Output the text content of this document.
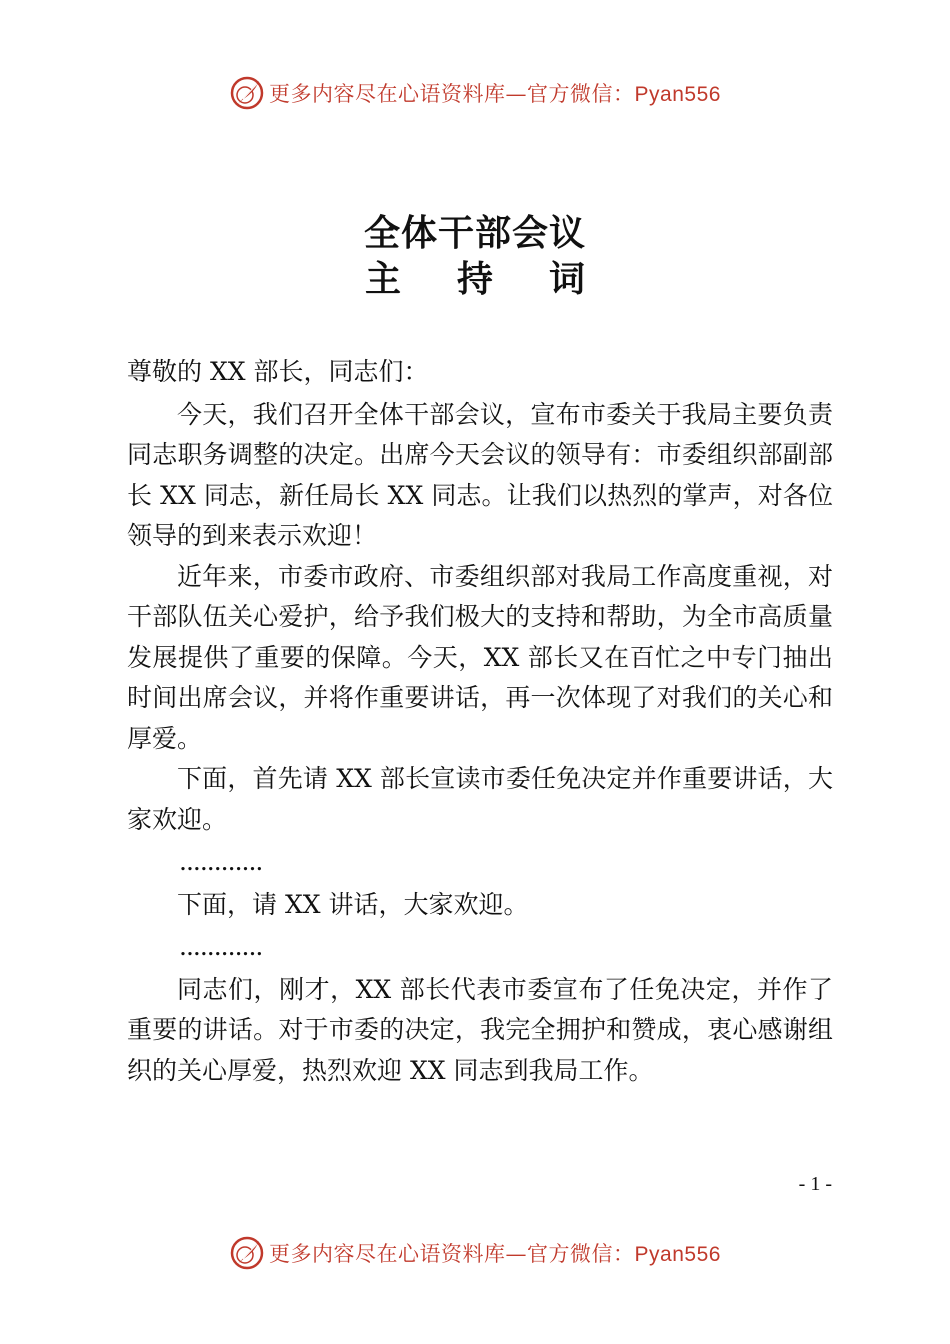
更多内容尽在心语资料库—官方微信：Pyan556
全体干部会议
主 持 词

尊敬的 XX 部长，同志们：

今天，我们召开全体干部会议，宣布市委关于我局主要负责同志职务调整的决定。出席今天会议的领导有：市委组织部副部长 XX 同志，新任局长 XX 同志。让我们以热烈的掌声，对各位领导的到来表示欢迎！

近年来，市委市政府、市委组织部对我局工作高度重视，对干部队伍关心爱护，给予我们极大的支持和帮助，为全市高质量发展提供了重要的保障。今天，XX 部长又在百忙之中专门抽出时间出席会议，并将作重要讲话，再一次体现了对我们的关心和厚爱。

下面，首先请 XX 部长宣读市委任免决定并作重要讲话，大家欢迎。

............

下面，请 XX 讲话，大家欢迎。

............

同志们，刚才，XX 部长代表市委宣布了任免决定，并作了重要的讲话。对于市委的决定，我完全拥护和赞成，衷心感谢组织的关心厚爱，热烈欢迎 XX 同志到我局工作。

- 1 -
更多内容尽在心语资料库—官方微信：Pyan556
